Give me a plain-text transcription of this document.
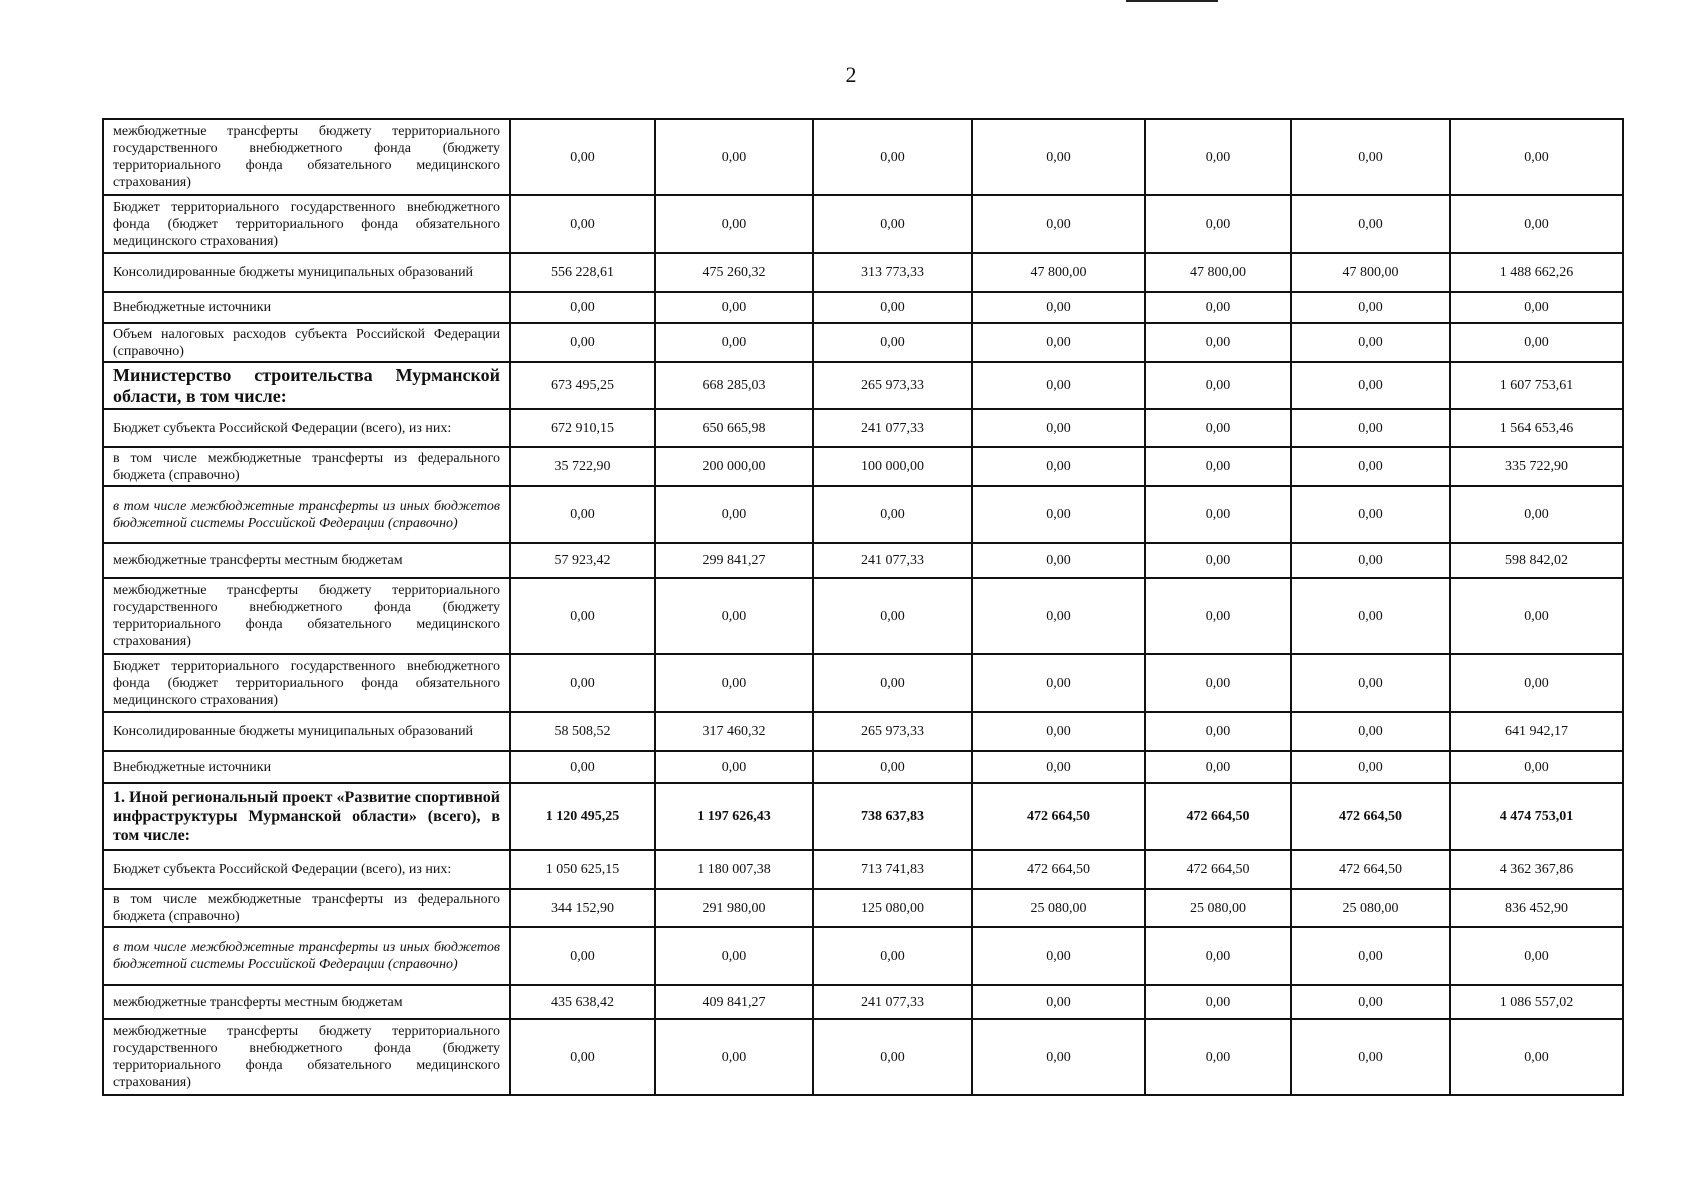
2
межбюджетные трансферты бюджету территориального государственного внебюджетного фонда (бюджету территориального фонда обязательного медицинского страхования)	0,00	0,00	0,00	0,00	0,00	0,00	0,00
Бюджет территориального государственного внебюджетного фонда (бюджет территориального фонда обязательного медицинского страхования)	0,00	0,00	0,00	0,00	0,00	0,00	0,00
Консолидированные бюджеты муниципальных образований	556 228,61	475 260,32	313 773,33	47 800,00	47 800,00	47 800,00	1 488 662,26
Внебюджетные источники	0,00	0,00	0,00	0,00	0,00	0,00	0,00
Объем налоговых расходов субъекта Российской Федерации (справочно)	0,00	0,00	0,00	0,00	0,00	0,00	0,00
Министерство строительства Мурманской области, в том числе:	673 495,25	668 285,03	265 973,33	0,00	0,00	0,00	1 607 753,61
Бюджет субъекта Российской Федерации (всего), из них:	672 910,15	650 665,98	241 077,33	0,00	0,00	0,00	1 564 653,46
в том числе межбюджетные трансферты из федерального бюджета (справочно)	35 722,90	200 000,00	100 000,00	0,00	0,00	0,00	335 722,90
в том числе межбюджетные трансферты из иных бюджетов бюджетной системы Российской Федерации (справочно)	0,00	0,00	0,00	0,00	0,00	0,00	0,00
межбюджетные трансферты местным бюджетам	57 923,42	299 841,27	241 077,33	0,00	0,00	0,00	598 842,02
межбюджетные трансферты бюджету территориального государственного внебюджетного фонда (бюджету территориального фонда обязательного медицинского страхования)	0,00	0,00	0,00	0,00	0,00	0,00	0,00
Бюджет территориального государственного внебюджетного фонда (бюджет территориального фонда обязательного медицинского страхования)	0,00	0,00	0,00	0,00	0,00	0,00	0,00
Консолидированные бюджеты муниципальных образований	58 508,52	317 460,32	265 973,33	0,00	0,00	0,00	641 942,17
Внебюджетные источники	0,00	0,00	0,00	0,00	0,00	0,00	0,00
1. Иной региональный проект «Развитие спортивной инфраструктуры Мурманской области» (всего), в том числе:	1 120 495,25	1 197 626,43	738 637,83	472 664,50	472 664,50	472 664,50	4 474 753,01
Бюджет субъекта Российской Федерации (всего), из них:	1 050 625,15	1 180 007,38	713 741,83	472 664,50	472 664,50	472 664,50	4 362 367,86
в том числе межбюджетные трансферты из федерального бюджета (справочно)	344 152,90	291 980,00	125 080,00	25 080,00	25 080,00	25 080,00	836 452,90
в том числе межбюджетные трансферты из иных бюджетов бюджетной системы Российской Федерации (справочно)	0,00	0,00	0,00	0,00	0,00	0,00	0,00
межбюджетные трансферты местным бюджетам	435 638,42	409 841,27	241 077,33	0,00	0,00	0,00	1 086 557,02
межбюджетные трансферты бюджету территориального государственного внебюджетного фонда (бюджету территориального фонда обязательного медицинского страхования)	0,00	0,00	0,00	0,00	0,00	0,00	0,00
